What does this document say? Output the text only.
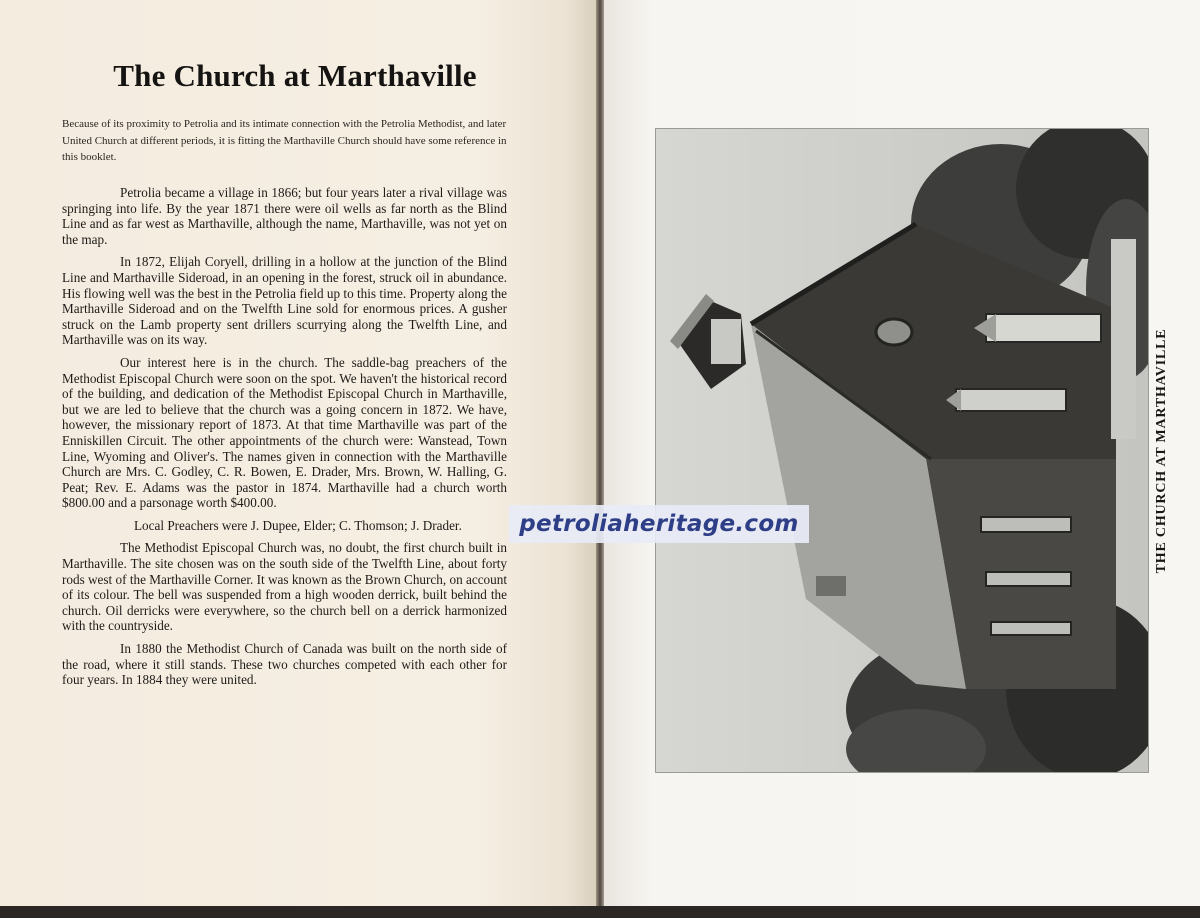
The Church at Marthaville

Because of its proximity to Petrolia and its intimate connection with the Petrolia Methodist, and later United Church at different periods, it is fitting the Marthaville Church should have some reference in this booklet.

Petrolia became a village in 1866; but four years later a rival village was springing into life. By the year 1871 there were oil wells as far north as the Blind Line and as far west as Marthaville, although the name, Marthaville, was not yet on the map.

In 1872, Elijah Coryell, drilling in a hollow at the junction of the Blind Line and Marthaville Sideroad, in an opening in the forest, struck oil in abundance. His flowing well was the best in the Petrolia field up to this time. Property along the Marthaville Sideroad and on the Twelfth Line sold for enormous prices. A gusher struck on the Lamb property sent drillers scurrying along the Twelfth Line, and Marthaville was on its way.

Our interest here is in the church. The saddle-bag preachers of the Methodist Episcopal Church were soon on the spot. We haven't the historical record of the building, and dedication of the Methodist Episcopal Church in Marthaville, but we are led to believe that the church was a going concern in 1872. We have, however, the missionary report of 1873. At that time Marthaville was part of the Enniskillen Circuit. The other appointments of the church were: Wanstead, Town Line, Wyoming and Oliver's. The names given in connection with the Marthaville Church are Mrs. C. Godley, C. R. Bowen, E. Drader, Mrs. Brown, W. Halling, G. Peat; Rev. E. Adams was the pastor in 1874. Marthaville had a church worth $800.00 and a parsonage worth $400.00.

Local Preachers were J. Dupee, Elder; C. Thomson; J. Drader.

The Methodist Episcopal Church was, no doubt, the first church built in Marthaville. The site chosen was on the south side of the Twelfth Line, about forty rods west of the Marthaville Corner. It was known as the Brown Church, on account of its colour. The bell was suspended from a high wooden derrick, built behind the church. Oil derricks were everywhere, so the church bell on a derrick harmonized with the countryside.

In 1880 the Methodist Church of Canada was built on the north side of the road, where it still stands. These two churches competed with each other for four years. In 1884 they were united.

THE CHURCH AT MARTHAVILLE
petroliaheritage.com
